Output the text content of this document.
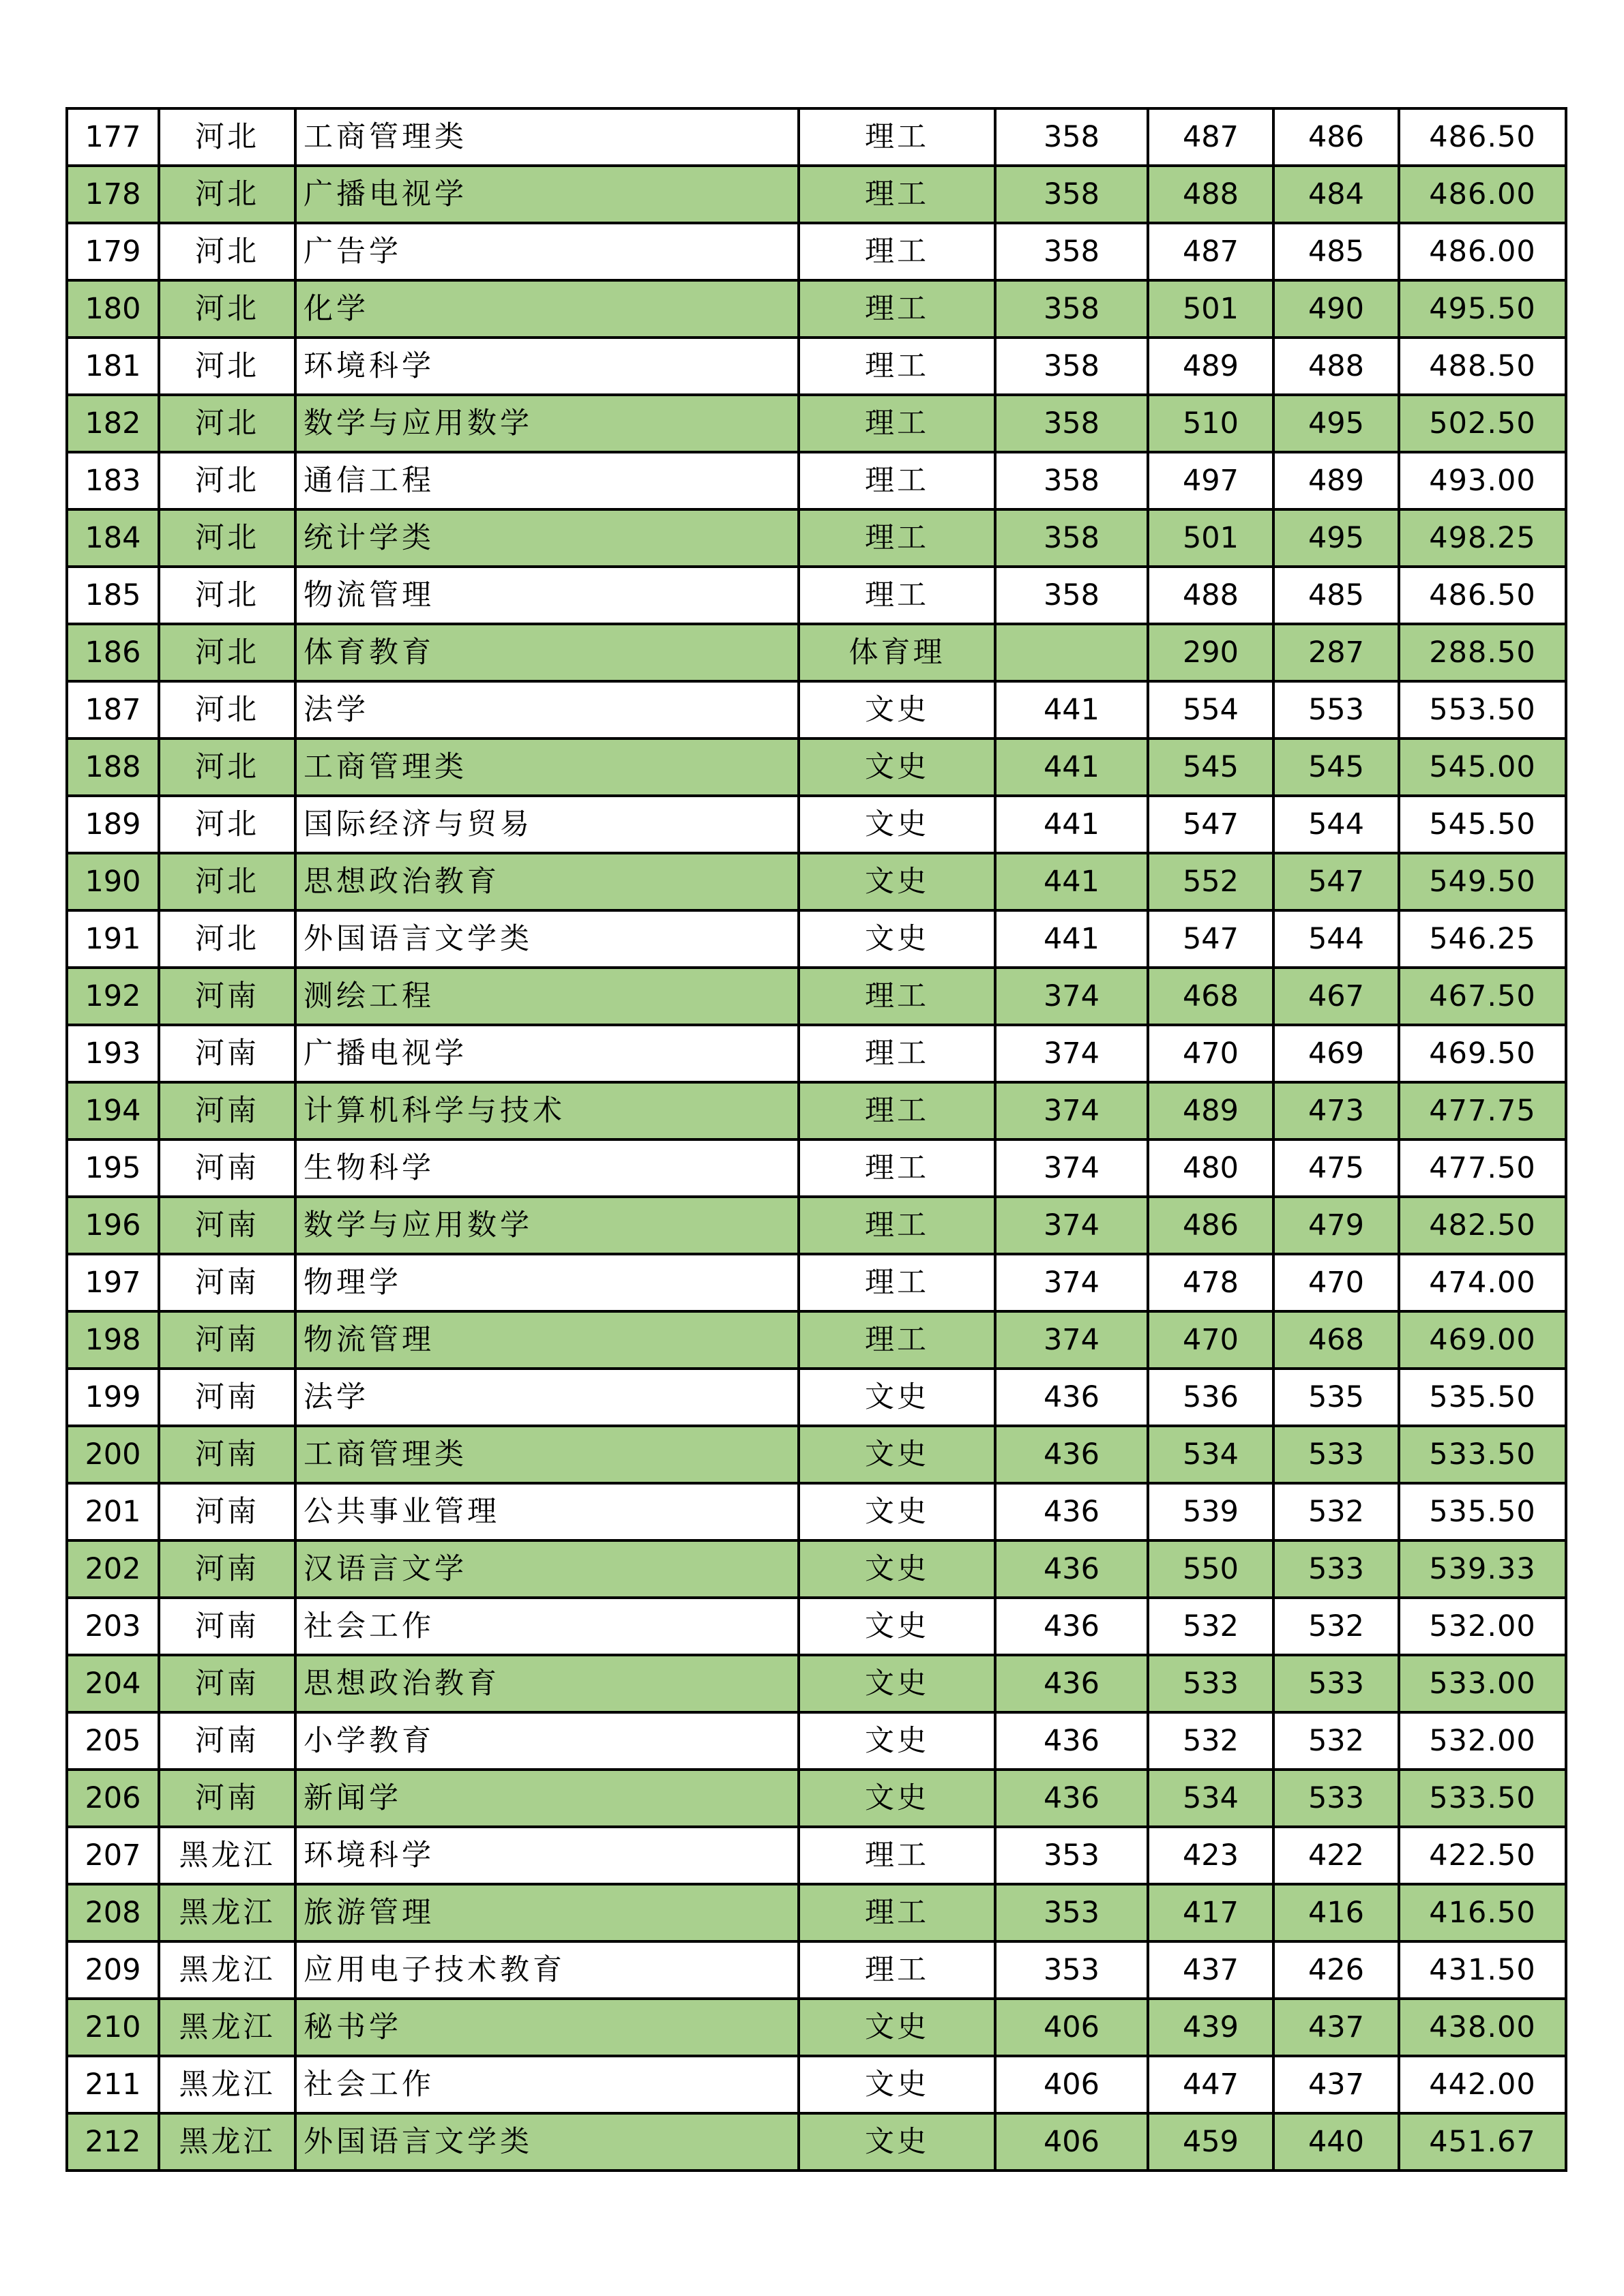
177	河北	工商管理类	理工	358	487	486	486.50
178	河北	广播电视学	理工	358	488	484	486.00
179	河北	广告学	理工	358	487	485	486.00
180	河北	化学	理工	358	501	490	495.50
181	河北	环境科学	理工	358	489	488	488.50
182	河北	数学与应用数学	理工	358	510	495	502.50
183	河北	通信工程	理工	358	497	489	493.00
184	河北	统计学类	理工	358	501	495	498.25
185	河北	物流管理	理工	358	488	485	486.50
186	河北	体育教育	体育理		290	287	288.50
187	河北	法学	文史	441	554	553	553.50
188	河北	工商管理类	文史	441	545	545	545.00
189	河北	国际经济与贸易	文史	441	547	544	545.50
190	河北	思想政治教育	文史	441	552	547	549.50
191	河北	外国语言文学类	文史	441	547	544	546.25
192	河南	测绘工程	理工	374	468	467	467.50
193	河南	广播电视学	理工	374	470	469	469.50
194	河南	计算机科学与技术	理工	374	489	473	477.75
195	河南	生物科学	理工	374	480	475	477.50
196	河南	数学与应用数学	理工	374	486	479	482.50
197	河南	物理学	理工	374	478	470	474.00
198	河南	物流管理	理工	374	470	468	469.00
199	河南	法学	文史	436	536	535	535.50
200	河南	工商管理类	文史	436	534	533	533.50
201	河南	公共事业管理	文史	436	539	532	535.50
202	河南	汉语言文学	文史	436	550	533	539.33
203	河南	社会工作	文史	436	532	532	532.00
204	河南	思想政治教育	文史	436	533	533	533.00
205	河南	小学教育	文史	436	532	532	532.00
206	河南	新闻学	文史	436	534	533	533.50
207	黑龙江	环境科学	理工	353	423	422	422.50
208	黑龙江	旅游管理	理工	353	417	416	416.50
209	黑龙江	应用电子技术教育	理工	353	437	426	431.50
210	黑龙江	秘书学	文史	406	439	437	438.00
211	黑龙江	社会工作	文史	406	447	437	442.00
212	黑龙江	外国语言文学类	文史	406	459	440	451.67
